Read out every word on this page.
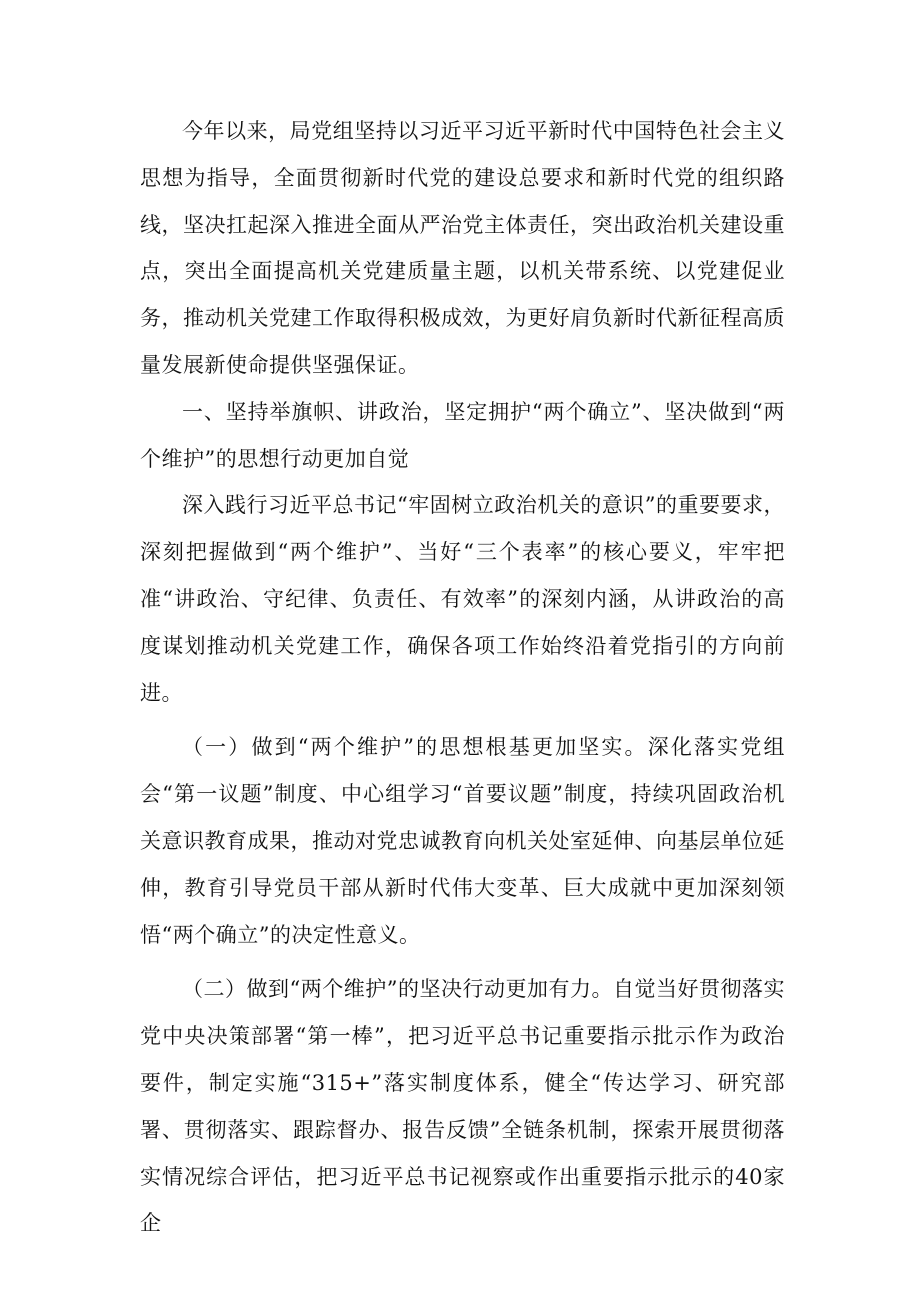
今年以来，局党组坚持以习近平习近平新时代中国特色社会主义思想为指导，全面贯彻新时代党的建设总要求和新时代党的组织路线，坚决扛起深入推进全面从严治党主体责任，突出政治机关建设重点，突出全面提高机关党建质量主题，以机关带系统、以党建促业务，推动机关党建工作取得积极成效，为更好肩负新时代新征程高质量发展新使命提供坚强保证。

一、坚持举旗帜、讲政治，坚定拥护“两个确立”、坚决做到“两个维护”的思想行动更加自觉

深入践行习近平总书记“牢固树立政治机关的意识”的重要要求，深刻把握做到“两个维护”、当好“三个表率”的核心要义，牢牢把准“讲政治、守纪律、负责任、有效率”的深刻内涵，从讲政治的高度谋划推动机关党建工作，确保各项工作始终沿着党指引的方向前进。

（一）做到“两个维护”的思想根基更加坚实。深化落实党组会“第一议题”制度、中心组学习“首要议题”制度，持续巩固政治机关意识教育成果，推动对党忠诚教育向机关处室延伸、向基层单位延伸，教育引导党员干部从新时代伟大变革、巨大成就中更加深刻领悟“两个确立”的决定性意义。

（二）做到“两个维护”的坚决行动更加有力。自觉当好贯彻落实党中央决策部署“第一棒”，把习近平总书记重要指示批示作为政治要件，制定实施“315+”落实制度体系，健全“传达学习、研究部署、贯彻落实、跟踪督办、报告反馈”全链条机制，探索开展贯彻落实情况综合评估，把习近平总书记视察或作出重要指示批示的40家企
